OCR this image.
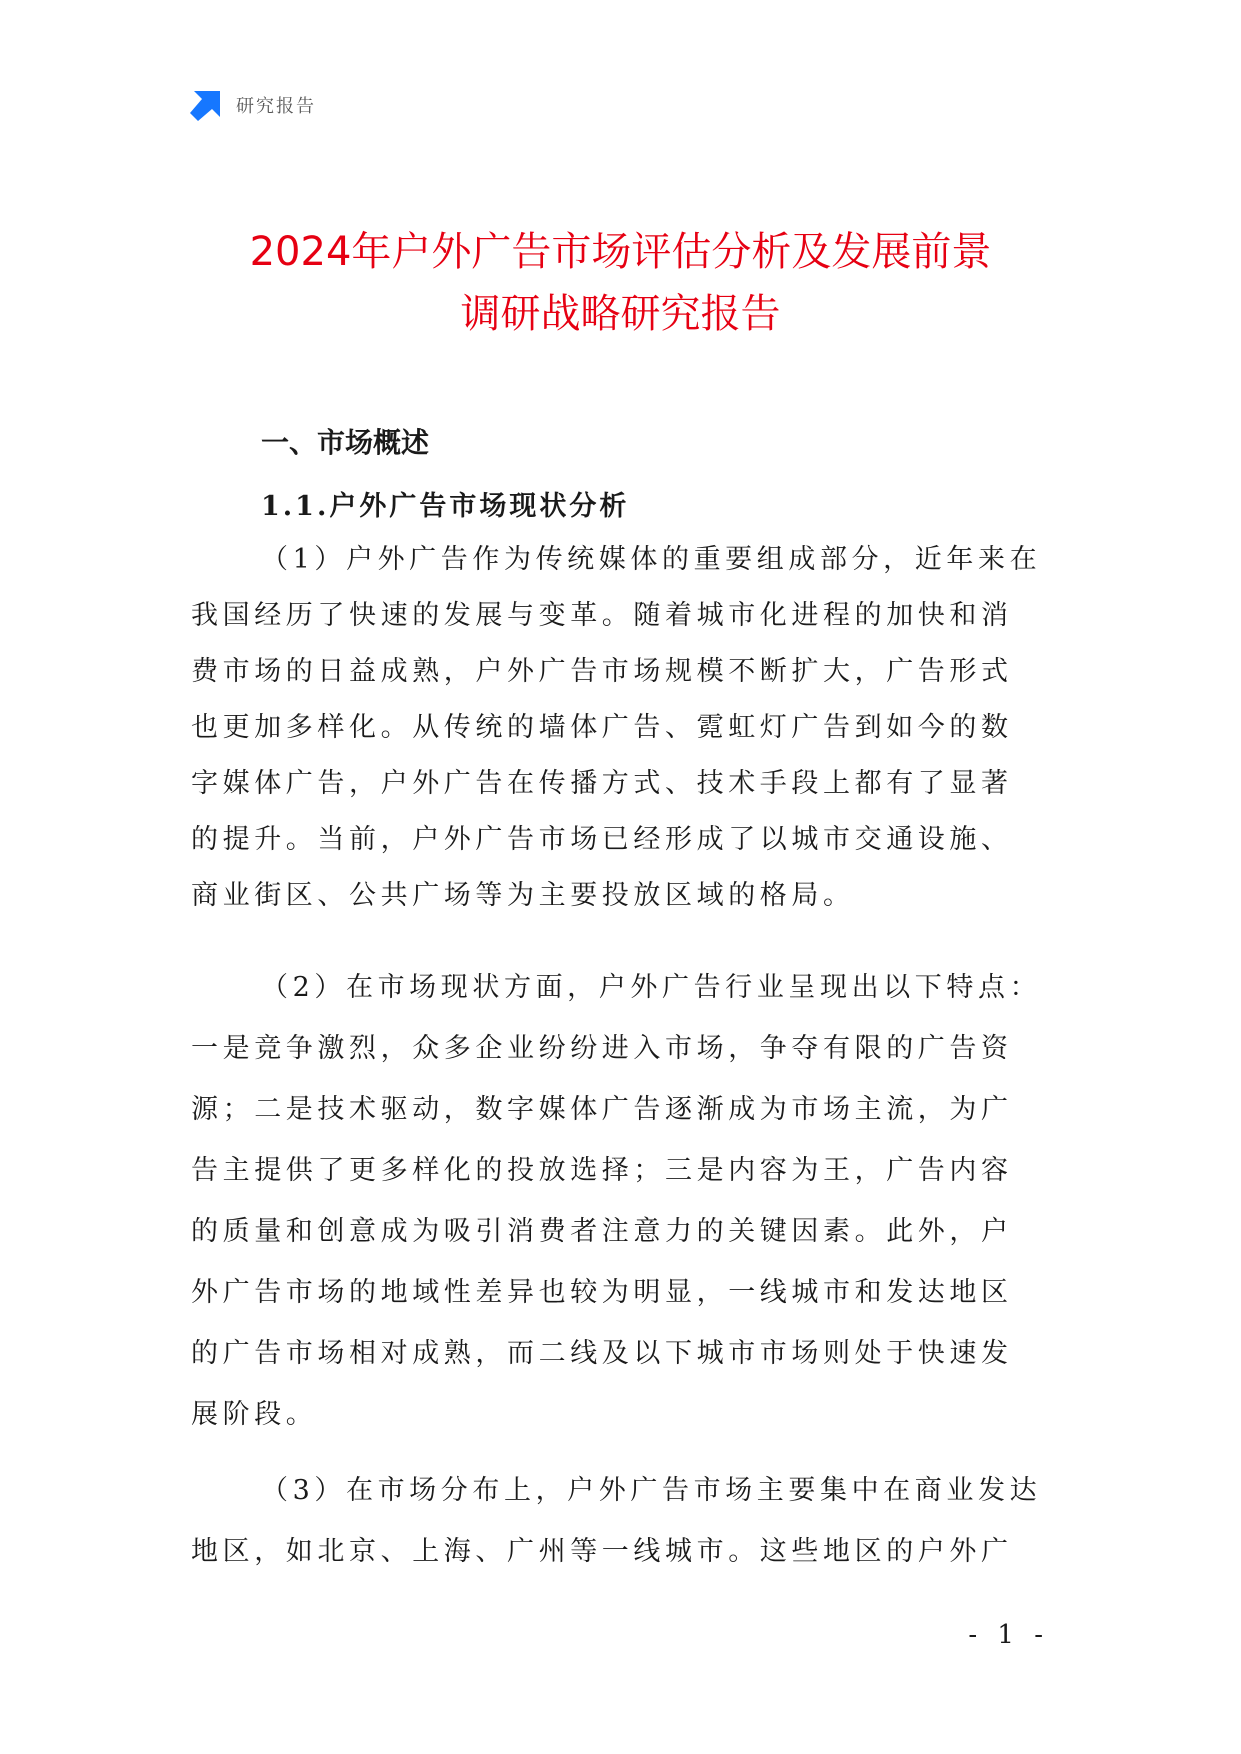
研究报告
2024年户外广告市场评估分析及发展前景
调研战略研究报告
一、市场概述
1.1.户外广告市场现状分析
（1）户外广告作为传统媒体的重要组成部分，近年来在
我国经历了快速的发展与变革。随着城市化进程的加快和消
费市场的日益成熟，户外广告市场规模不断扩大，广告形式
也更加多样化。从传统的墙体广告、霓虹灯广告到如今的数
字媒体广告，户外广告在传播方式、技术手段上都有了显著
的提升。当前，户外广告市场已经形成了以城市交通设施、
商业街区、公共广场等为主要投放区域的格局。
（2）在市场现状方面，户外广告行业呈现出以下特点：
一是竞争激烈，众多企业纷纷进入市场，争夺有限的广告资
源；二是技术驱动，数字媒体广告逐渐成为市场主流，为广
告主提供了更多样化的投放选择；三是内容为王，广告内容
的质量和创意成为吸引消费者注意力的关键因素。此外，户
外广告市场的地域性差异也较为明显，一线城市和发达地区
的广告市场相对成熟，而二线及以下城市市场则处于快速发
展阶段。
（3）在市场分布上，户外广告市场主要集中在商业发达
地区，如北京、上海、广州等一线城市。这些地区的户外广
- 1 -
